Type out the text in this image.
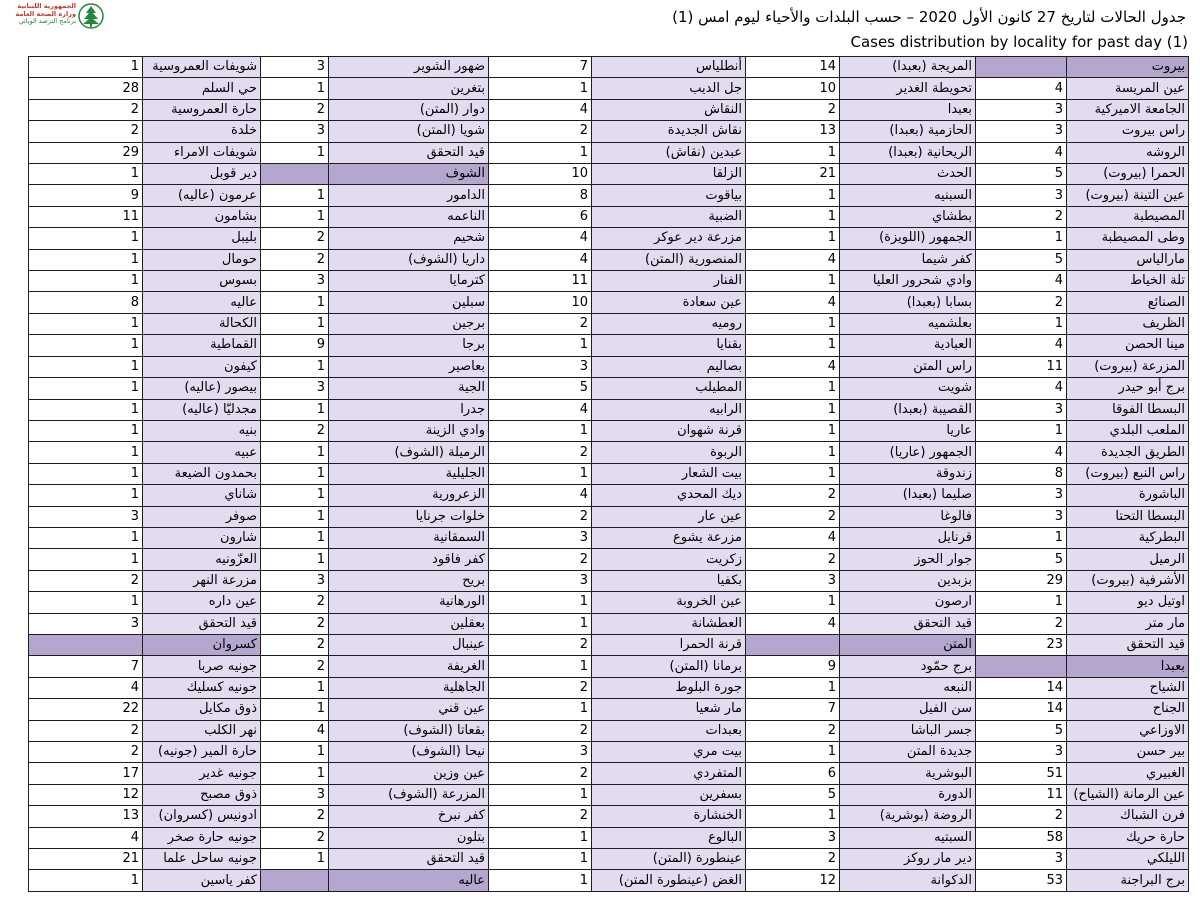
الجمهورية اللبنانية
وزارة الصحة العامة
برنامج الترصد الوبائي	جدول الحالات لتاريخ 27 كانون الأول 2020 – حسب البلدات والأحياء ليوم امس (1)
Cases distribution by locality for past day (1)
بيروت		المريجة (بعبدا)	14	أنطلياس	7	ضهور الشوير	3	شويفات العمروسية	1
عين المريسة	4	تحويطة الغدير	10	جل الديب	1	بتغرين	1	حي السلم	28
الجامعة الاميركية	3	بعبدا	2	النقاش	4	دوار (المتن)	2	حارة العمروسية	2
راس بيروت	3	الحازمية (بعبدا)	13	نقاش الجديدة	2	شويا (المتن)	3	خلدة	2
الروشه	4	الريحانية (بعبدا)	1	عبدين (نقاش)	1	قيد التحقق	1	شويفات الامراء	29
الحمرا (بيروت)	5	الحدث	21	الزلقا	10	الشوف		دير قوبل	1
عين التينة (بيروت)	3	السبنيه	1	بياقوت	8	الدامور	1	عرمون (عاليه)	9
المصيطبة	2	بطشاي	1	الضبية	6	الناعمه	1	بشامون	11
وطى المصيطبة	1	الجمهور (اللويزة)	1	مزرعة دير عوكر	4	شحيم	2	بليبل	1
مارالياس	5	كفر شيما	4	المنصورية (المتن)	4	داريا (الشوف)	2	حومال	1
تلة الخياط	4	وادي شحرور العليا	1	الفنار	11	كترمايا	3	بسوس	1
الصنائع	2	بسابا (بعبدا)	4	عين سعادة	10	سبلين	1	عاليه	8
الظريف	1	بعلشميه	1	روميه	2	برجين	1	الكحالة	1
مينا الحصن	4	العبادية	1	بقنايا	1	برجا	9	القماطية	1
المزرعة (بيروت)	11	راس المتن	4	بصاليم	3	بعاصير	1	كيفون	1
برج أبو حيدر	4	شويت	1	المطيلب	5	الجية	3	بيصور (عاليه)	1
البسطا الفوقا	3	القصيبة (بعبدا)	1	الرابيه	4	جدرا	1	مجدليّا (عاليه)	1
الملعب البلدي	1	عاريا	1	قرنة شهوان	1	وادي الزينة	2	بنيه	1
الطريق الجديدة	4	الجمهور (عاريا)	1	الربوة	2	الرميلة (الشوف)	1	عبيه	1
راس النبع (بيروت)	8	زندوقة	1	بيت الشعار	1	الجليلية	1	بحمدون الضيعة	1
الباشورة	3	صليما (بعبدا)	2	ديك المحدي	4	الزعرورية	1	شاناي	1
البسطا التحتا	3	فالوغا	2	عين عار	2	خلوات جرنايا	1	صوفر	3
البطركية	1	قرنايل	4	مزرعة يشوع	3	السمقانية	1	شارون	1
الرميل	5	جوار الحوز	2	زكريت	2	كفر فاقود	1	العزّونيه	1
الأشرفية (بيروت)	29	بزبدين	3	بكفيا	3	بريح	3	مزرعة النهر	2
اوتيل ديو	1	ارصون	1	عين الخروبة	1	الورهانية	2	عين داره	1
مار متر	2	قيد التحقق	4	العطشانة	1	بعقلين	2	قيد التحقق	3
قيد التحقق	23	المتن		قرنة الحمرا	2	عينبال	2	كسروان	
بعبدا		برج حمّود	9	برمانا (المتن)	1	الغريفة	2	جونيه صربا	7
الشياح	14	النبعه	1	جورة البلوط	2	الجاهلية	1	جونيه كسليك	4
الجناح	14	سن الفيل	7	مار شعيا	1	عين قني	1	ذوق مكايل	22
الاوزاعي	5	جسر الباشا	2	بعبدات	2	بقعاتا (الشوف)	4	نهر الكلب	2
بير حسن	3	جديدة المتن	1	بيت مري	3	نيحا (الشوف)	1	حارة المير (جونيه)	2
الغبيري	51	البوشرية	6	المتفردي	2	عين وزين	1	جونيه غدير	17
عين الرمانة (الشياح)	11	الدورة	5	بسفرين	1	المزرعة (الشوف)	3	ذوق مصبح	12
فرن الشباك	2	الروضة (بوشرية)	1	الخنشارة	2	كفر نبرخ	2	ادونيس (كسروان)	13
حارة حريك	58	السبتيه	3	البالوع	1	بتلون	2	جونيه حارة صخر	4
الليلكي	3	دير مار روكز	2	عينطورة (المتن)	1	قيد التحقق	1	جونيه ساحل علما	21
برج البراجنة	53	الدكوانة	12	الغض (عينطورة المتن)	1	عاليه		كفر ياسين	1
